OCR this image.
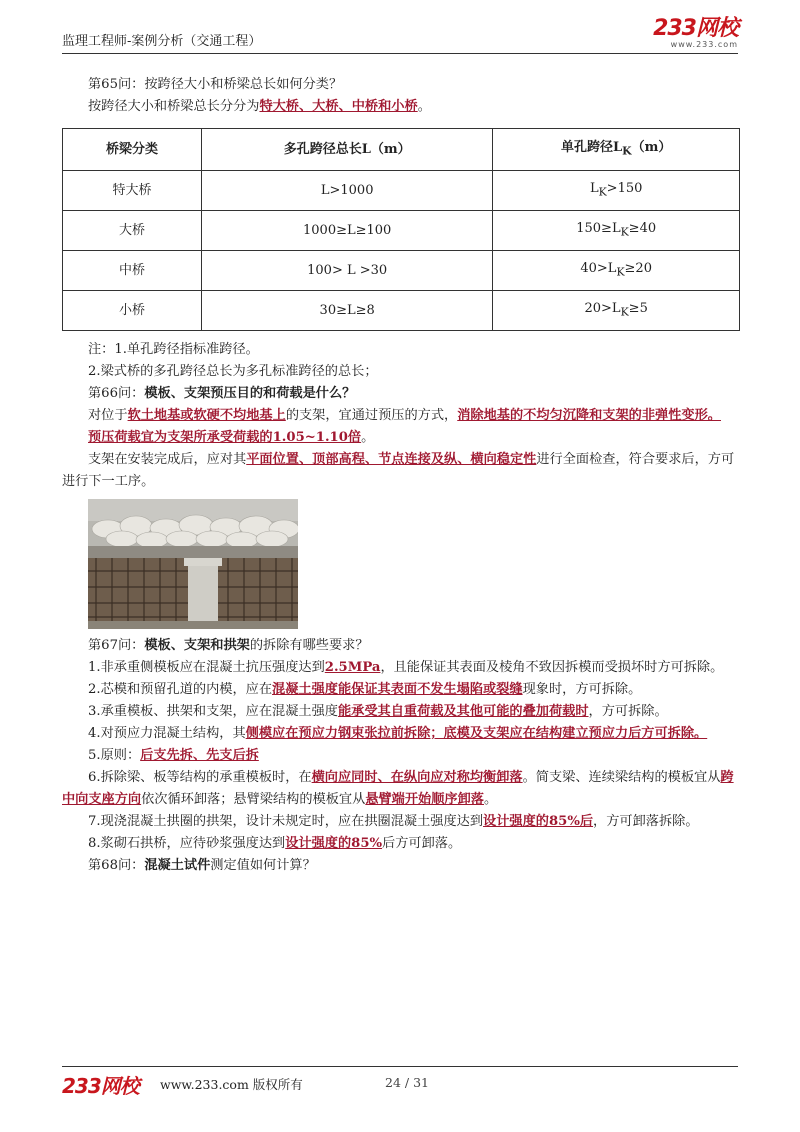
监理工程师-案例分析（交通工程）
233网校
www.233.com

第65问：按跨径大小和桥梁总长如何分类？

按跨径大小和桥梁总长分分为特大桥、大桥、中桥和小桥。

桥梁分类	多孔跨径总长L（m）	单孔跨径$L_K(m)$
特大桥	L>1000	$L_K>150$
大桥	1000≥L≥100	$150\ge L_K\ge 40$
中桥	100> L >30	$40>L_K\ge 20$
小桥	30≥L≥8	$20>L_K\ge 5$

注：1.单孔跨径指标准跨径。

2.梁式桥的多孔跨径总长为多孔标准跨径的总长；

第66问：模板、支架预压目的和荷载是什么？

对位于软土地基或软硬不均地基上的支架，宜通过预压的方式，消除地基的不均匀沉降和支架的非弹性变形。

预压荷载宜为支架所承受荷载的1.05~1.10倍。

支架在安装完成后，应对其平面位置、顶部高程、节点连接及纵、横向稳定性进行全面检查，符合要求后，方可进行下一工序。

第67问：模板、支架和拱架的拆除有哪些要求？

1.非承重侧模板应在混凝土抗压强度达到2.5MPa，且能保证其表面及棱角不致因拆模而受损坏时方可拆除。

2.芯模和预留孔道的内模，应在混凝土强度能保证其表面不发生塌陷或裂缝现象时，方可拆除。

3.承重模板、拱架和支架，应在混凝土强度能承受其自重荷载及其他可能的叠加荷载时，方可拆除。

4.对预应力混凝土结构，其侧模应在预应力钢束张拉前拆除；底模及支架应在结构建立预应力后方可拆除。

5.原则：后支先拆、先支后拆

6.拆除梁、板等结构的承重模板时，在横向应同时、在纵向应对称均衡卸落。简支梁、连续梁结构的模板宜从跨中向支座方向依次循环卸落；悬臂梁结构的模板宜从悬臂端开始顺序卸落。

7.现浇混凝土拱圈的拱架，设计未规定时，应在拱圈混凝土强度达到设计强度的85%后，方可卸落拆除。

8.浆砌石拱桥，应待砂浆强度达到设计强度的85%后方可卸落。

第68问：混凝土试件测定值如何计算？

233网校 www.233.com 版权所有	24 / 31
